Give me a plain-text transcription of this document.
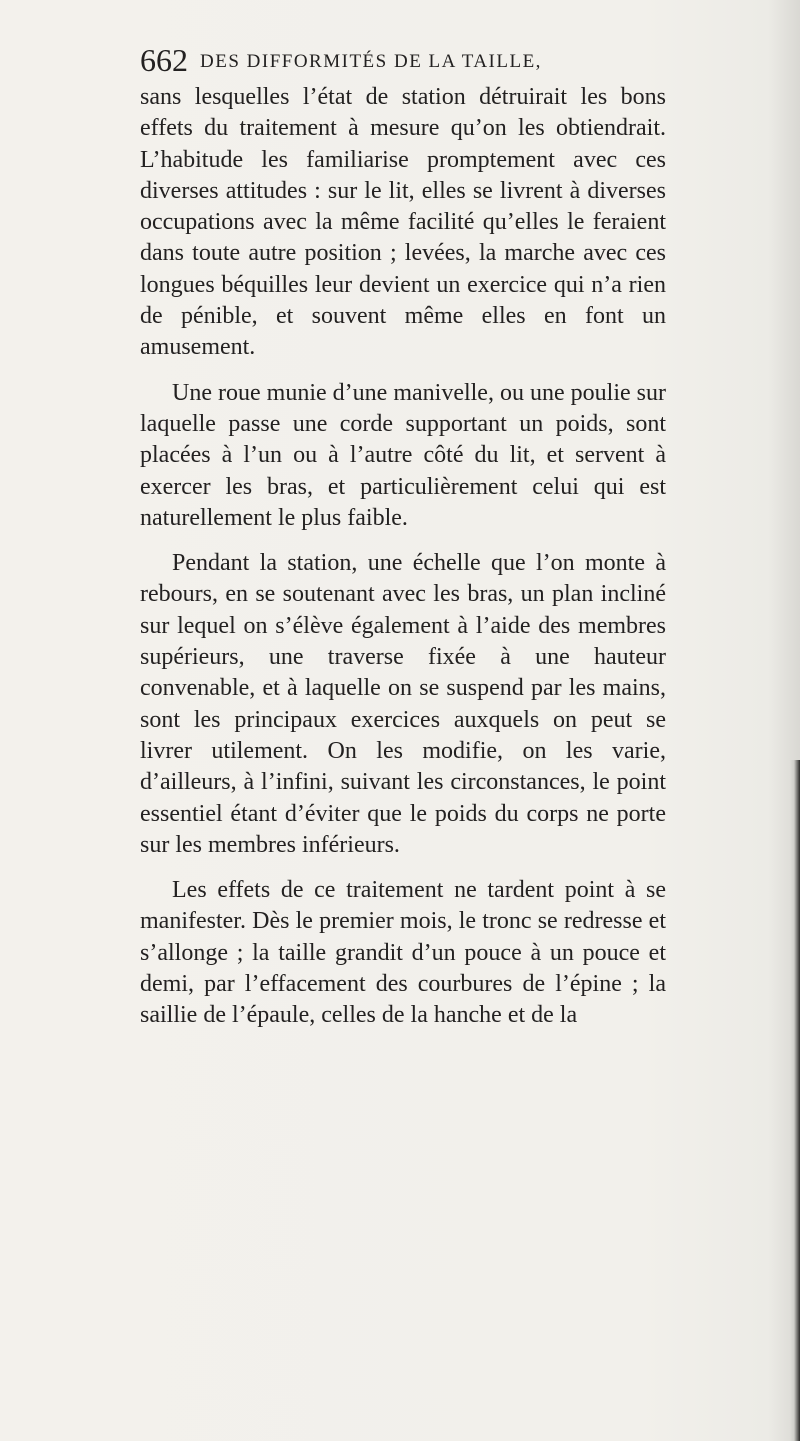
662 DES DIFFORMITÉS DE LA TAILLE,

sans lesquelles l’état de station détruirait les bons effets du traitement à mesure qu’on les obtiendrait. L’habitude les familiarise promptement avec ces diverses attitudes : sur le lit, elles se livrent à diverses occupations avec la même facilité qu’elles le feraient dans toute autre position ; levées, la marche avec ces longues béquilles leur devient un exercice qui n’a rien de pénible, et souvent même elles en font un amusement.

Une roue munie d’une manivelle, ou une poulie sur laquelle passe une corde supportant un poids, sont placées à l’un ou à l’autre côté du lit, et servent à exercer les bras, et particulièrement celui qui est naturellement le plus faible.

Pendant la station, une échelle que l’on monte à rebours, en se soutenant avec les bras, un plan incliné sur lequel on s’élève également à l’aide des membres supérieurs, une traverse fixée à une hauteur convenable, et à laquelle on se suspend par les mains, sont les principaux exercices auxquels on peut se livrer utilement. On les modifie, on les varie, d’ailleurs, à l’infini, suivant les circonstances, le point essentiel étant d’éviter que le poids du corps ne porte sur les membres inférieurs.

Les effets de ce traitement ne tardent point à se manifester. Dès le premier mois, le tronc se redresse et s’allonge ; la taille grandit d’un pouce à un pouce et demi, par l’effacement des courbures de l’épine ; la saillie de l’épaule, celles de la hanche et de la
